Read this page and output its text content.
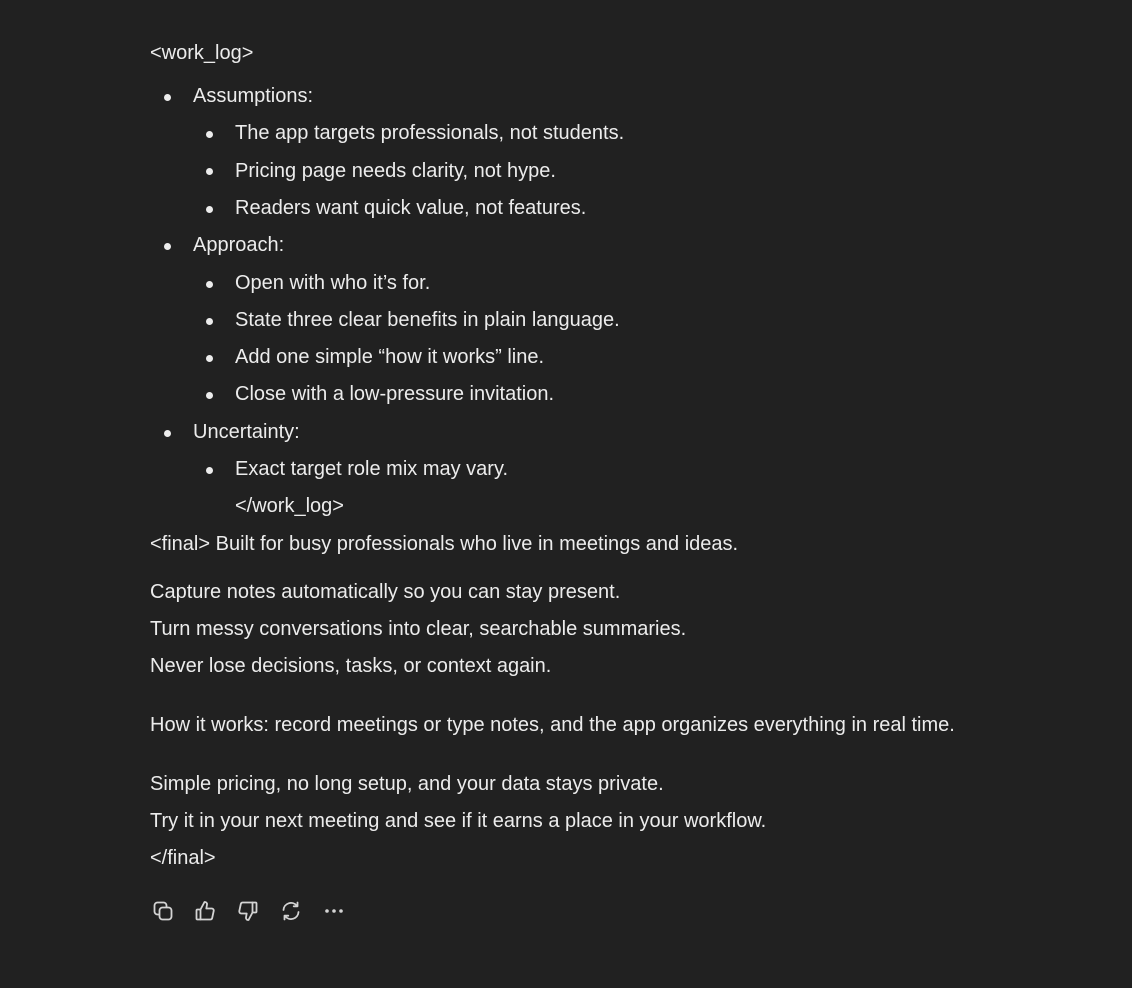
<work_log>
Assumptions:
The app targets professionals, not students.
Pricing page needs clarity, not hype.
Readers want quick value, not features.
Approach:
Open with who it’s for.
State three clear benefits in plain language.
Add one simple “how it works” line.
Close with a low-pressure invitation.
Uncertainty:
Exact target role mix may vary.
</work_log>
<final> Built for busy professionals who live in meetings and ideas.
Capture notes automatically so you can stay present.
Turn messy conversations into clear, searchable summaries.
Never lose decisions, tasks, or context again.
How it works: record meetings or type notes, and the app organizes everything in real time.
Simple pricing, no long setup, and your data stays private.
Try it in your next meeting and see if it earns a place in your workflow.
</final>
